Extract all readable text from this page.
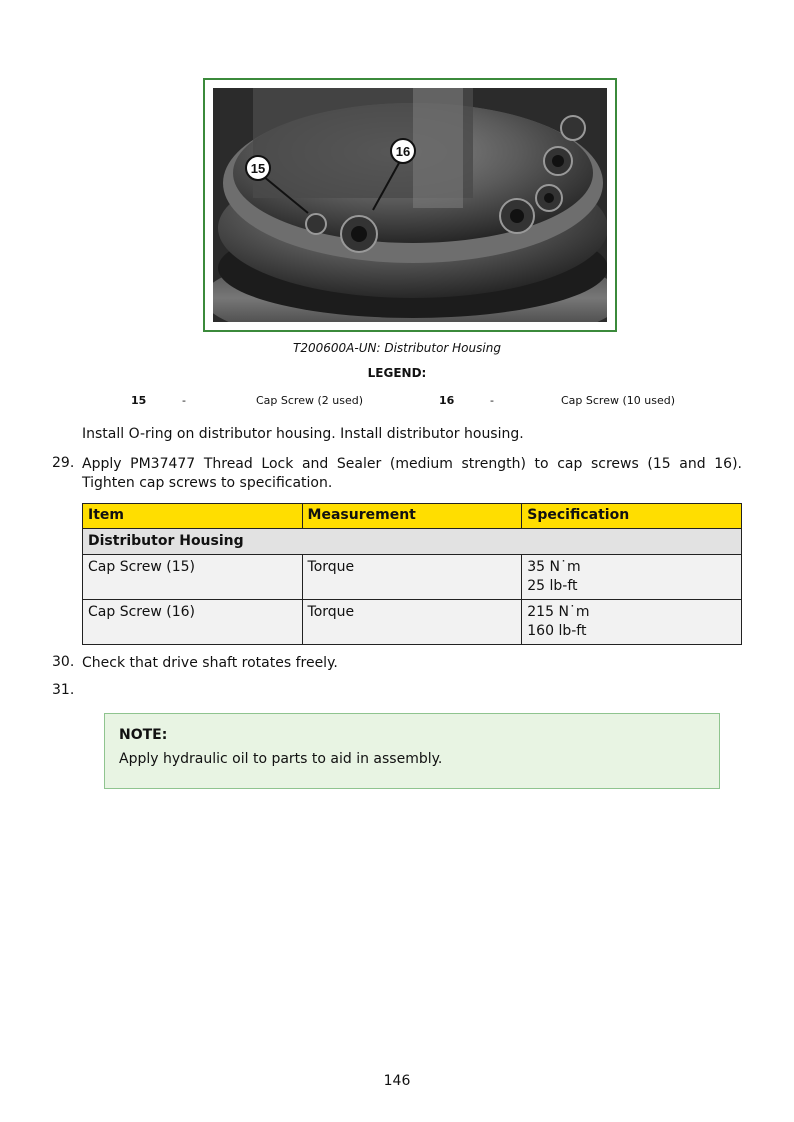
15
16
T200600A-UN: Distributor Housing
LEGEND:
15	-	Cap Screw (2 used)	16	-	Cap Screw (10 used)
Install O-ring on distributor housing. Install distributor housing.
29. Apply PM37477 Thread Lock and Sealer (medium strength) to cap screws (15 and 16). Tighten cap screws to specification.
Item	Measurement	Specification
Distributor Housing		
Cap Screw (15)	Torque	35 N˙m
25 lb-ft

Cap Screw (16)	Torque	215 N˙m
160 lb-ft
30. Check that drive shaft rotates freely.
31.
NOTE:
Apply hydraulic oil to parts to aid in assembly.
146
